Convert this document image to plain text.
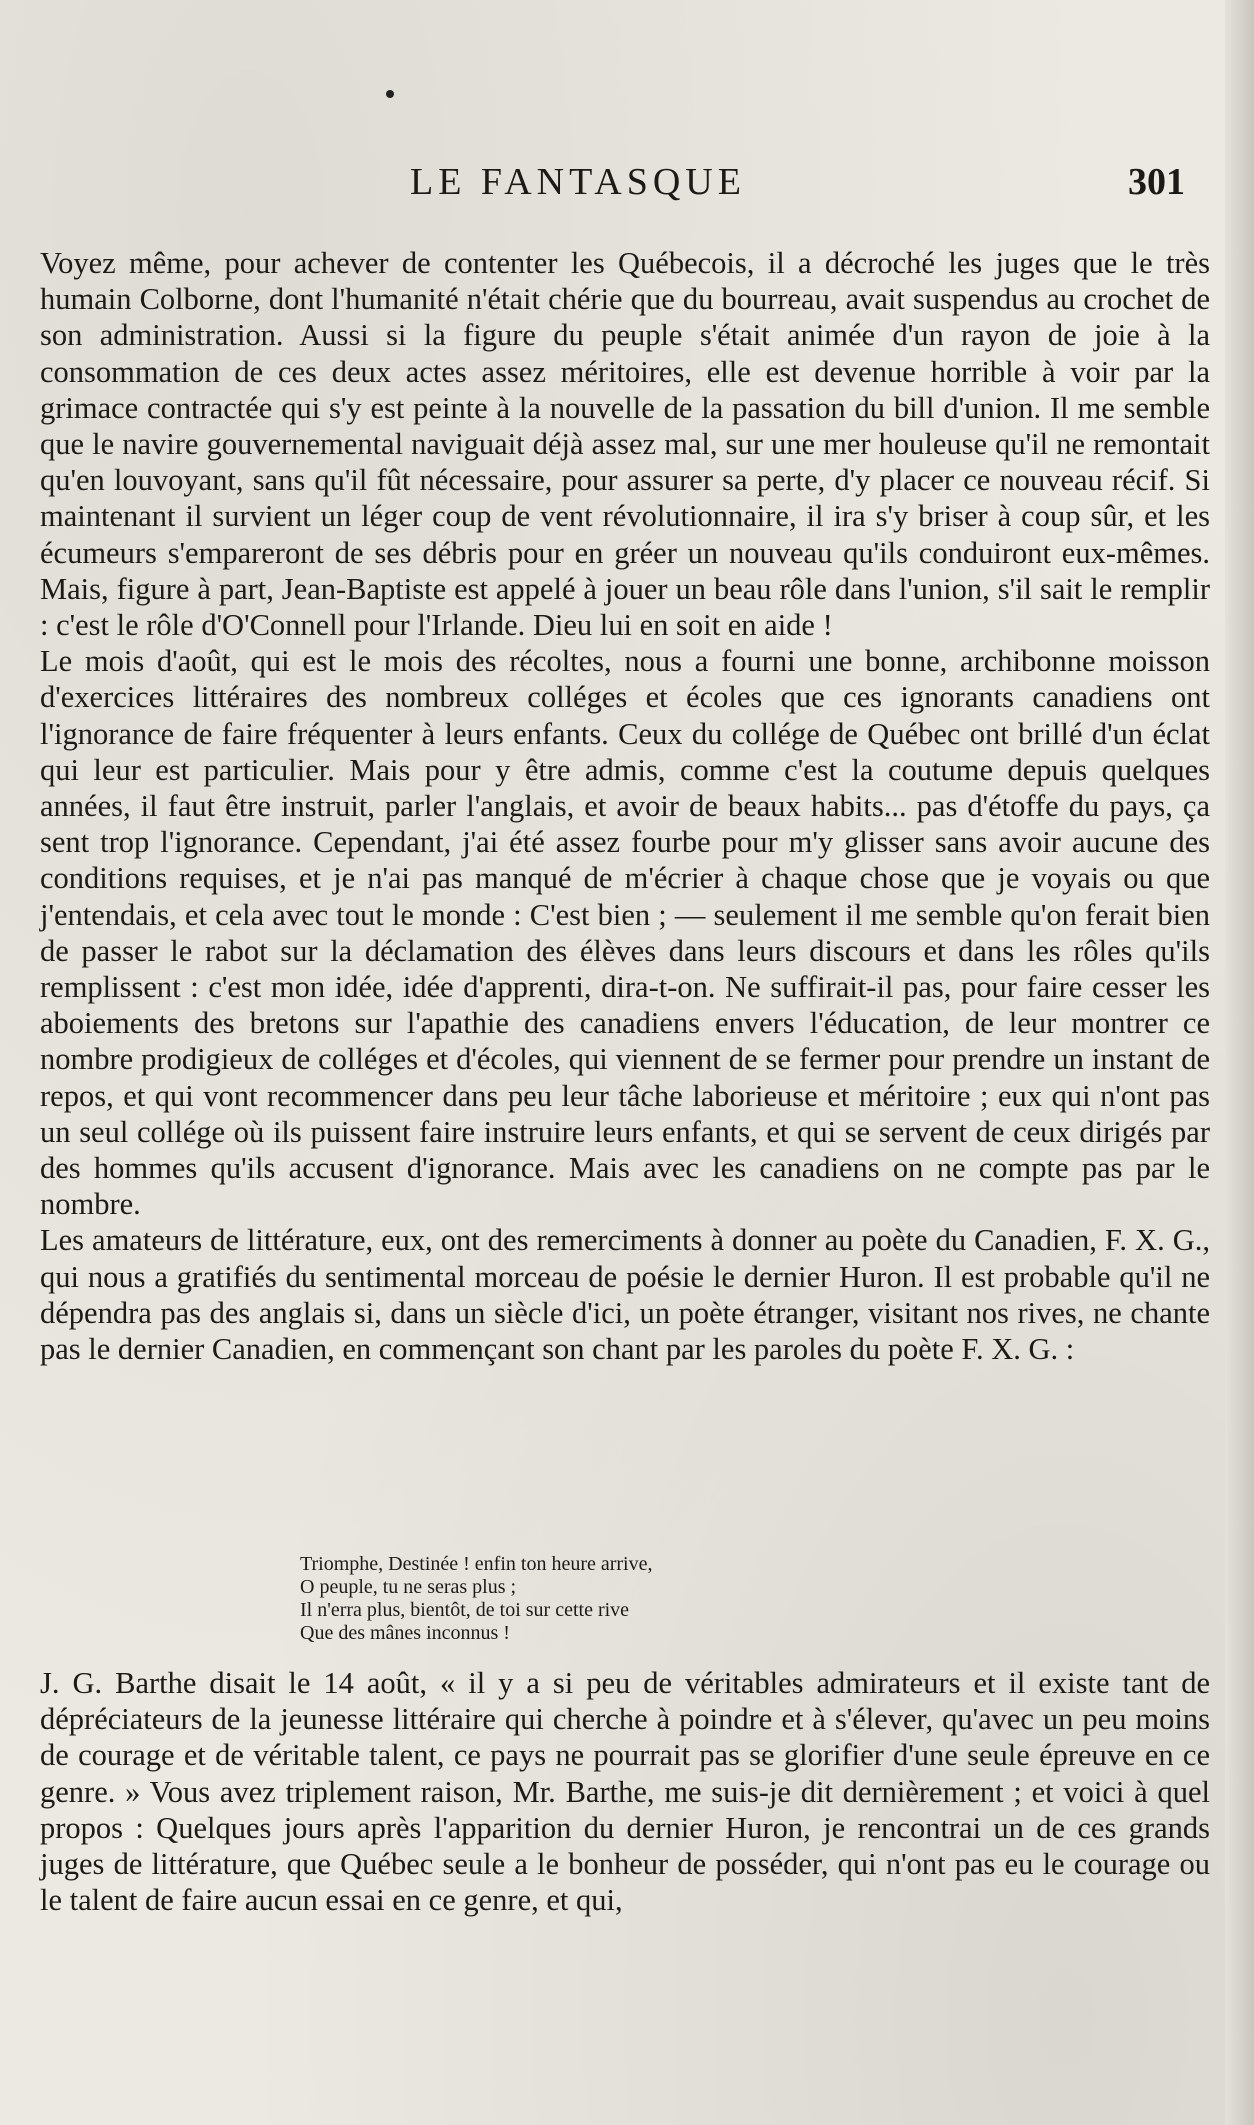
LE FANTASQUE	301
Voyez même, pour achever de contenter les Québecois, il a décroché les juges que le très humain Colborne, dont l'humanité n'était chérie que du bourreau, avait suspendus au crochet de son administration. Aussi si la figure du peuple s'était animée d'un rayon de joie à la consommation de ces deux actes assez méritoires, elle est devenue horrible à voir par la grimace contractée qui s'y est peinte à la nouvelle de la passation du bill d'union. Il me semble que le navire gouvernemental naviguait déjà assez mal, sur une mer houleuse qu'il ne remontait qu'en louvoyant, sans qu'il fût nécessaire, pour assurer sa perte, d'y placer ce nouveau récif. Si maintenant il survient un léger coup de vent révolutionnaire, il ira s'y briser à coup sûr, et les écumeurs s'empareront de ses débris pour en gréer un nouveau qu'ils conduiront eux-mêmes. Mais, figure à part, Jean-Baptiste est appelé à jouer un beau rôle dans l'union, s'il sait le remplir : c'est le rôle d'O'Connell pour l'Irlande. Dieu lui en soit en aide !
Le mois d'août, qui est le mois des récoltes, nous a fourni une bonne, archibonne moisson d'exercices littéraires des nombreux colléges et écoles que ces ignorants canadiens ont l'ignorance de faire fréquenter à leurs enfants. Ceux du collége de Québec ont brillé d'un éclat qui leur est particulier. Mais pour y être admis, comme c'est la coutume depuis quelques années, il faut être instruit, parler l'anglais, et avoir de beaux habits... pas d'étoffe du pays, ça sent trop l'ignorance. Cependant, j'ai été assez fourbe pour m'y glisser sans avoir aucune des conditions requises, et je n'ai pas manqué de m'écrier à chaque chose que je voyais ou que j'entendais, et cela avec tout le monde : C'est bien ; — seulement il me semble qu'on ferait bien de passer le rabot sur la déclamation des élèves dans leurs discours et dans les rôles qu'ils remplissent : c'est mon idée, idée d'apprenti, dira-t-on. Ne suffirait-il pas, pour faire cesser les aboiements des bretons sur l'apathie des canadiens envers l'éducation, de leur montrer ce nombre prodigieux de colléges et d'écoles, qui viennent de se fermer pour prendre un instant de repos, et qui vont recommencer dans peu leur tâche laborieuse et méritoire ; eux qui n'ont pas un seul collége où ils puissent faire instruire leurs enfants, et qui se servent de ceux dirigés par des hommes qu'ils accusent d'ignorance. Mais avec les canadiens on ne compte pas par le nombre.
Les amateurs de littérature, eux, ont des remerciments à donner au poète du Canadien, F. X. G., qui nous a gratifiés du sentimental morceau de poésie le dernier Huron. Il est probable qu'il ne dépendra pas des anglais si, dans un siècle d'ici, un poète étranger, visitant nos rives, ne chante pas le dernier Canadien, en commençant son chant par les paroles du poète F. X. G. :
Triomphe, Destinée ! enfin ton heure arrive,
O peuple, tu ne seras plus ;
Il n'erra plus, bientôt, de toi sur cette rive
Que des mânes inconnus !
J. G. Barthe disait le 14 août, « il y a si peu de véritables admirateurs et il existe tant de dépréciateurs de la jeunesse littéraire qui cherche à poindre et à s'élever, qu'avec un peu moins de courage et de véritable talent, ce pays ne pourrait pas se glorifier d'une seule épreuve en ce genre. » Vous avez triplement raison, Mr. Barthe, me suis-je dit dernièrement ; et voici à quel propos : Quelques jours après l'apparition du dernier Huron, je rencontrai un de ces grands juges de littérature, que Québec seule a le bonheur de posséder, qui n'ont pas eu le courage ou le talent de faire aucun essai en ce genre, et qui,
